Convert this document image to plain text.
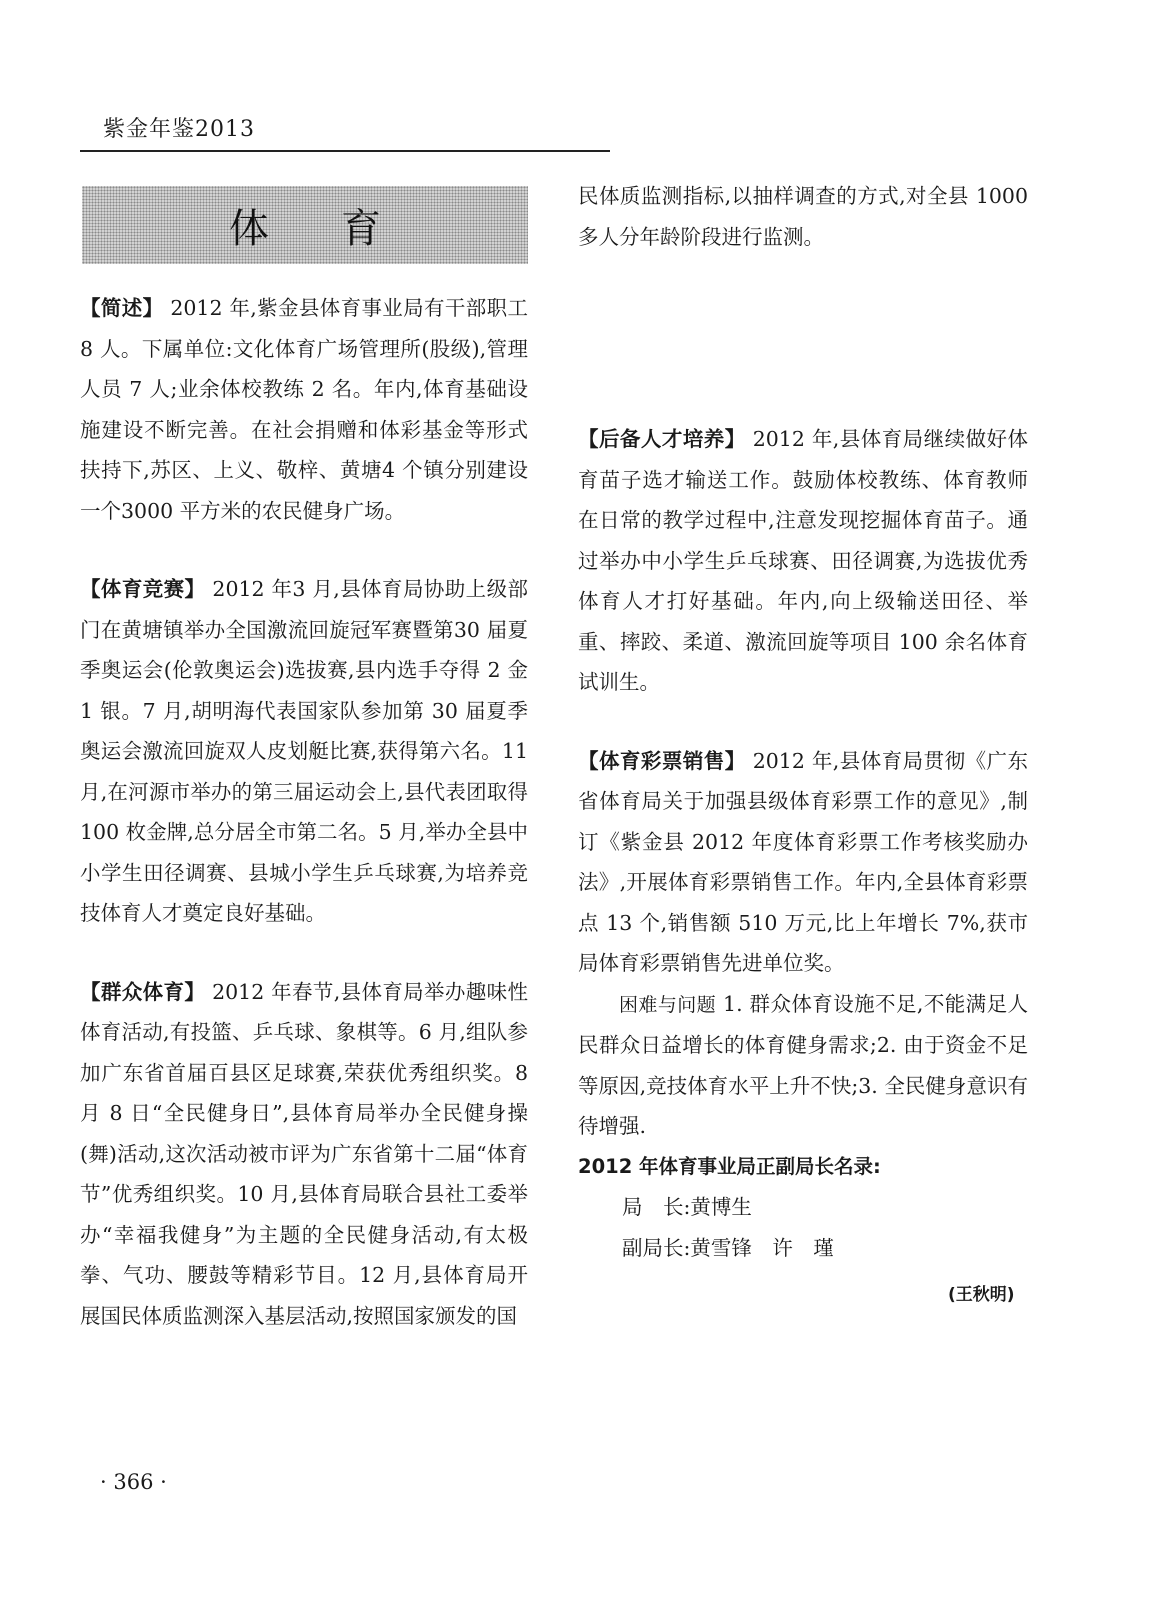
紫金年鉴2013
体育

【简述】 2012 年,紫金县体育事业局有干部职工 8 人。下属单位:文化体育广场管理所(股级),管理人员 7 人;业余体校教练 2 名。年内,体育基础设施建设不断完善。在社会捐赠和体彩基金等形式扶持下,苏区、上义、敬梓、黄塘4 个镇分别建设一个3000 平方米的农民健身广场。

【体育竞赛】 2012 年3 月,县体育局协助上级部门在黄塘镇举办全国激流回旋冠军赛暨第30 届夏季奥运会(伦敦奥运会)选拔赛,县内选手夺得 2 金 1 银。7 月,胡明海代表国家队参加第 30 届夏季奥运会激流回旋双人皮划艇比赛,获得第六名。11 月,在河源市举办的第三届运动会上,县代表团取得 100 枚金牌,总分居全市第二名。5 月,举办全县中小学生田径调赛、县城小学生乒乓球赛,为培养竞技体育人才奠定良好基础。

【群众体育】 2012 年春节,县体育局举办趣味性体育活动,有投篮、乒乓球、象棋等。6 月,组队参加广东省首届百县区足球赛,荣获优秀组织奖。8 月 8 日“全民健身日”,县体育局举办全民健身操(舞)活动,这次活动被市评为广东省第十二届“体育节”优秀组织奖。10 月,县体育局联合县社工委举办“幸福我健身”为主题的全民健身活动,有太极拳、气功、腰鼓等精彩节目。12 月,县体育局开展国民体质监测深入基层活动,按照国家颁发的国

民体质监测指标,以抽样调查的方式,对全县 1000 多人分年龄阶段进行监测。

【后备人才培养】 2012 年,县体育局继续做好体育苗子选才输送工作。鼓励体校教练、体育教师在日常的教学过程中,注意发现挖掘体育苗子。通过举办中小学生乒乓球赛、田径调赛,为选拔优秀体育人才打好基础。年内,向上级输送田径、举重、摔跤、柔道、激流回旋等项目 100 余名体育试训生。

【体育彩票销售】 2012 年,县体育局贯彻《广东省体育局关于加强县级体育彩票工作的意见》,制订《紫金县 2012 年度体育彩票工作考核奖励办法》,开展体育彩票销售工作。年内,全县体育彩票点 13 个,销售额 510 万元,比上年增长 7%,获市局体育彩票销售先进单位奖。

困难与问题 1. 群众体育设施不足,不能满足人民群众日益增长的体育健身需求;2. 由于资金不足等原因,竞技体育水平上升不快;3. 全民健身意识有待增强.

2012 年体育事业局正副局长名录:

局　长:黄博生

副局长:黄雪锋　许　瑾

(王秋明)
· 366 ·
